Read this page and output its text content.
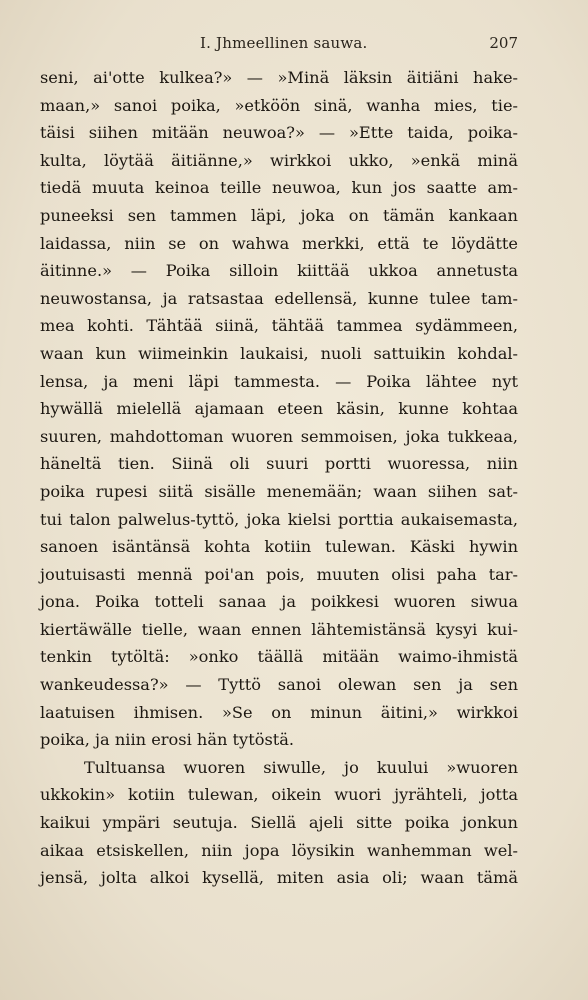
I. Jhmeellinen sauwa.	207
seni, ai'otte kulkea?» — »Minä läksin äitiäni hake-
maan,» sanoi poika, »etköön sinä, wanha mies, tie-
täisi siihen mitään neuwoa?» — »Ette taida, poika-
kulta, löytää äitiänne,» wirkkoi ukko, »enkä minä
tiedä muuta keinoa teille neuwoa, kun jos saatte am-
puneeksi sen tammen läpi, joka on tämän kankaan
laidassa, niin se on wahwa merkki, että te löydätte
äitinne.» — Poika silloin kiittää ukkoa annetusta
neuwostansa, ja ratsastaa edellensä, kunne tulee tam-
mea kohti. Tähtää siinä, tähtää tammea sydämmeen,
waan kun wiimeinkin laukaisi, nuoli sattuikin kohdal-
lensa, ja meni läpi tammesta. — Poika lähtee nyt
hywällä mielellä ajamaan eteen käsin, kunne kohtaa
suuren, mahdottoman wuoren semmoisen, joka tukkeaa,
häneltä tien. Siinä oli suuri portti wuoressa, niin
poika rupesi siitä sisälle menemään; waan siihen sat-
tui talon palwelus-tyttö, joka kielsi porttia aukaisemasta,
sanoen isäntänsä kohta kotiin tulewan. Käski hywin
joutuisasti mennä poi'an pois, muuten olisi paha tar-
jona. Poika totteli sanaa ja poikkesi wuoren siwua
kiertäwälle tielle, waan ennen lähtemistänsä kysyi kui-
tenkin tytöltä: »onko täällä mitään waimo-ihmistä
wankeudessa?» — Tyttö sanoi olewan sen ja sen
laatuisen ihmisen. »Se on minun äitini,» wirkkoi
poika, ja niin erosi hän tytöstä.
Tultuansa wuoren siwulle, jo kuului »wuoren
ukkokin» kotiin tulewan, oikein wuori jyrähteli, jotta
kaikui ympäri seutuja. Siellä ajeli sitte poika jonkun
aikaa etsiskellen, niin jopa löysikin wanhemman wel-
jensä, jolta alkoi kysellä, miten asia oli; waan tämä
